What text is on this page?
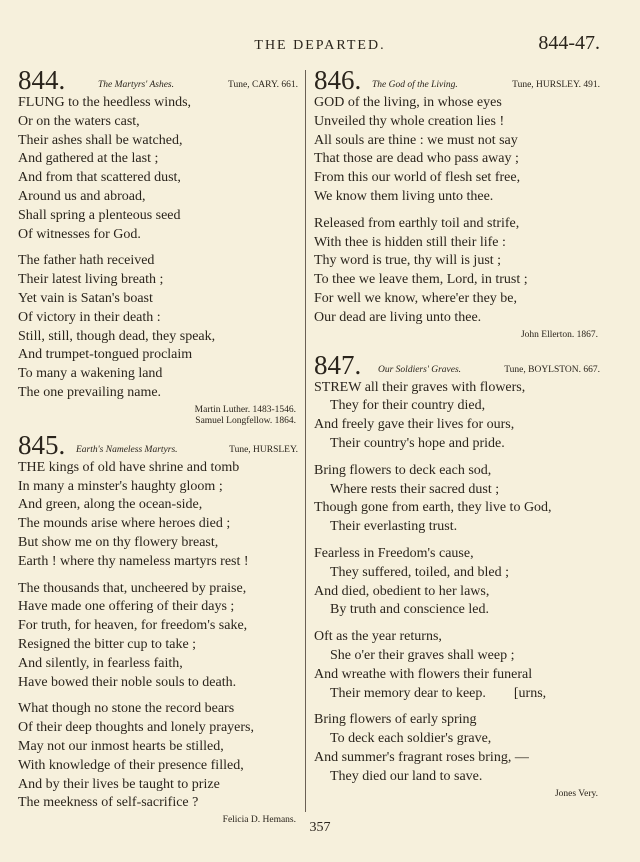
THE DEPARTED.	844-47.
844.	The Martyrs' Ashes.	Tune, CARY. 661.
FLUNG to the heedless winds,
Or on the waters cast,
Their ashes shall be watched,
And gathered at the last ;
And from that scattered dust,
Around us and abroad,
Shall spring a plenteous seed
Of witnesses for God.
The father hath received
Their latest living breath ;
Yet vain is Satan's boast
Of victory in their death :
Still, still, though dead, they speak,
And trumpet-tongued proclaim
To many a wakening land
The one prevailing name.
Martin Luther. 1483-1546.
Samuel Longfellow. 1864.
845. Earth's Nameless Martyrs.	Tune, HURSLEY.
THE kings of old have shrine and tomb
In many a minster's haughty gloom ;
And green, along the ocean-side,
The mounds arise where heroes died ;
But show me on thy flowery breast,
Earth ! where thy nameless martyrs rest !
The thousands that, uncheered by praise,
Have made one offering of their days ;
For truth, for heaven, for freedom's sake,
Resigned the bitter cup to take ;
And silently, in fearless faith,
Have bowed their noble souls to death.
What though no stone the record bears
Of their deep thoughts and lonely prayers,
May not our inmost hearts be stilled,
With knowledge of their presence filled,
And by their lives be taught to prize
The meekness of self-sacrifice ?
Felicia D. Hemans.
846. The God of the Living.	Tune, HURSLEY. 491.
GOD of the living, in whose eyes
Unveiled thy whole creation lies !
All souls are thine : we must not say
That those are dead who pass away ;
From this our world of flesh set free,
We know them living unto thee.
Released from earthly toil and strife,
With thee is hidden still their life :
Thy word is true, thy will is just ;
To thee we leave them, Lord, in trust ;
For well we know, where'er they be,
Our dead are living unto thee.
John Ellerton. 1867.
847. Our Soldiers' Graves.	Tune, BOYLSTON. 667.
STREW all their graves with flowers,
They for their country died,
And freely gave their lives for ours,
Their country's hope and pride.
Bring flowers to deck each sod,
Where rests their sacred dust ;
Though gone from earth, they live to God,
Their everlasting trust.
Fearless in Freedom's cause,
They suffered, toiled, and bled ;
And died, obedient to her laws,
By truth and conscience led.
Oft as the year returns,
She o'er their graves shall weep ;
And wreathe with flowers their funeral
Their memory dear to keep.        [urns,
Bring flowers of early spring
To deck each soldier's grave,
And summer's fragrant roses bring, —
They died our land to save.
Jones Very.
357
